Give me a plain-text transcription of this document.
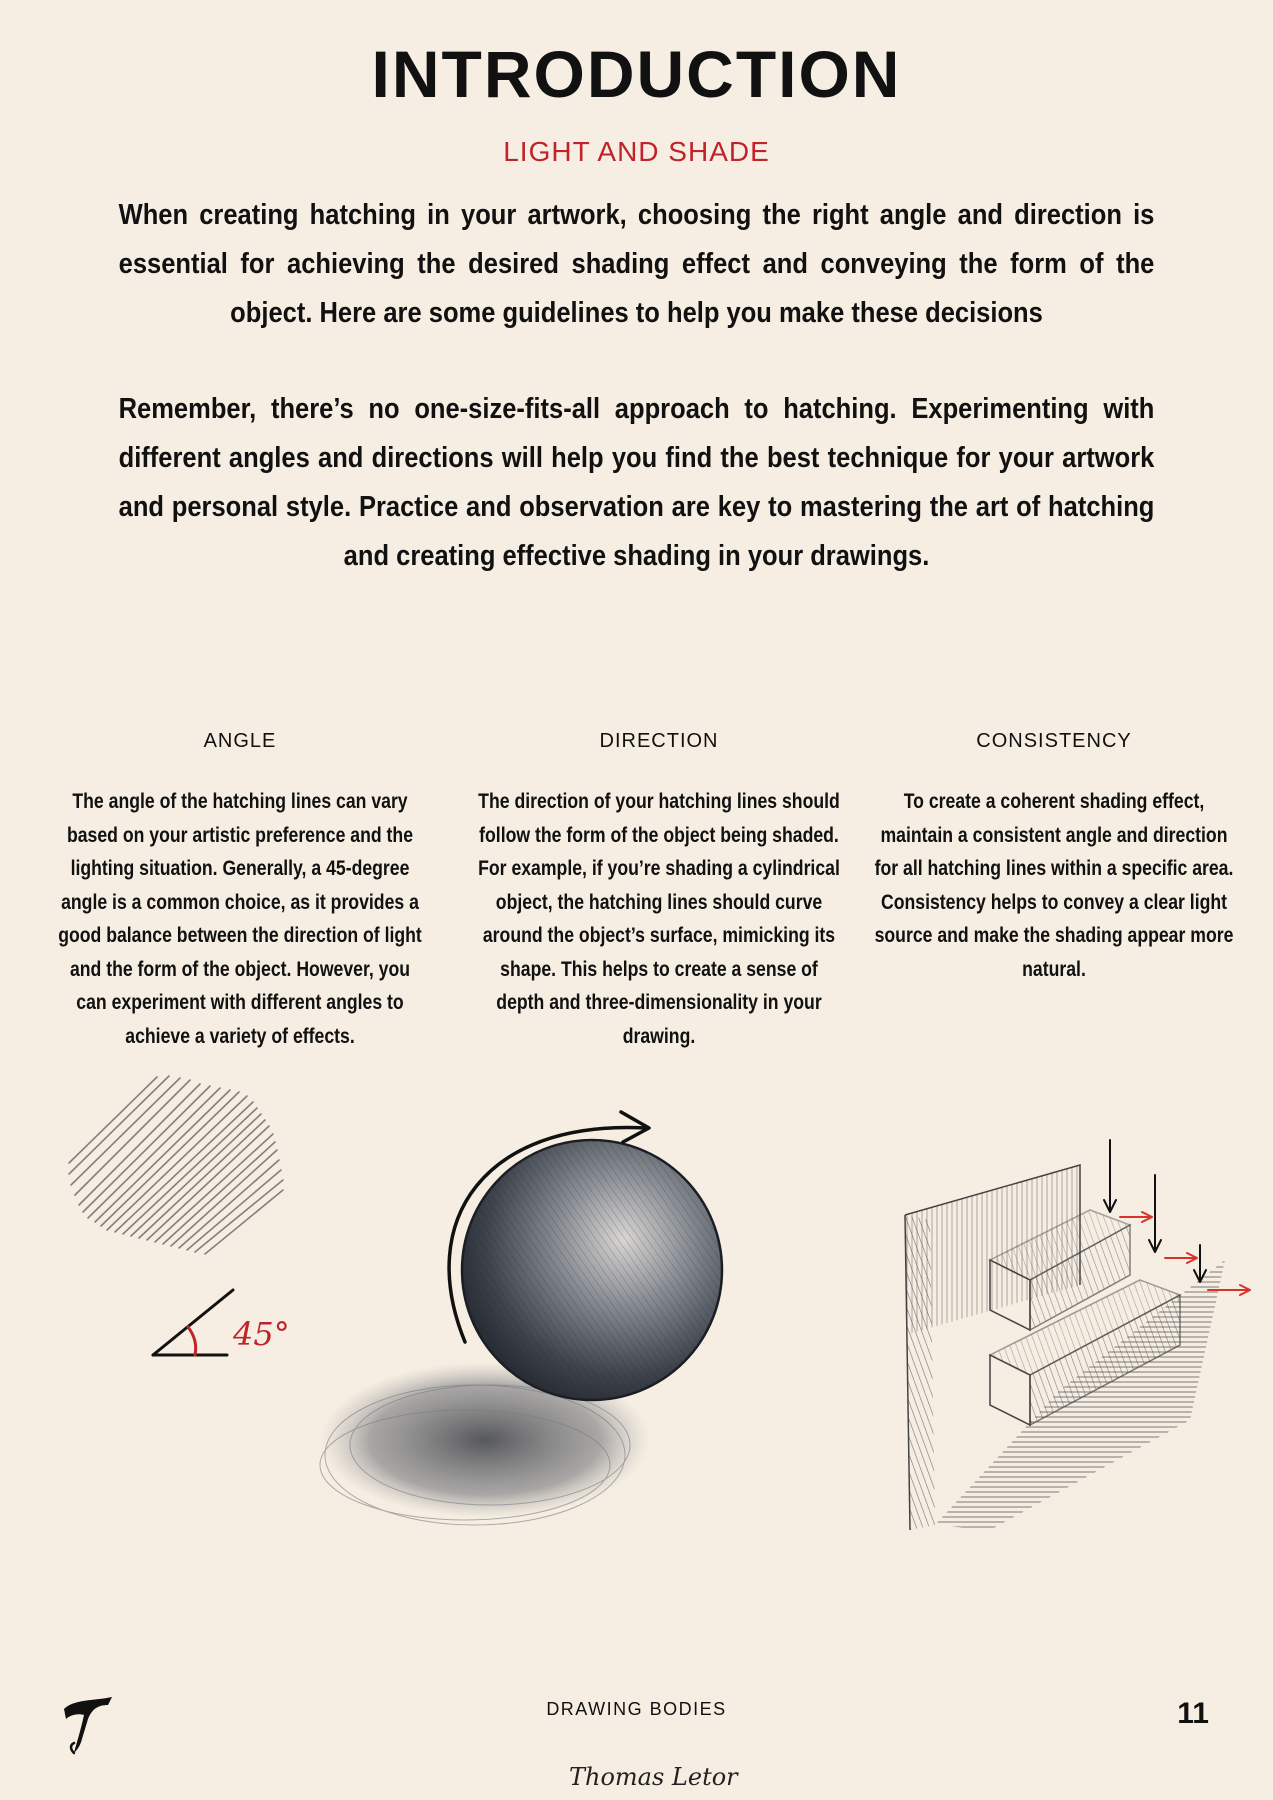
INTRODUCTION
LIGHT AND SHADE

When creating hatching in your artwork, choosing the right angle and direction is essential for achieving the desired shading effect and conveying the form of the object. Here are some guidelines to help you make these decisions

Remember, there’s no one-size-fits-all approach to hatching. Experimenting with different angles and directions will help you find the best technique for your artwork and personal style. Practice and observation are key to mastering the art of hatching and creating effective shading in your drawings.

ANGLE

The angle of the hatching lines can vary based on your artistic preference and the lighting situation. Generally, a 45-degree angle is a common choice, as it provides a good balance between the direction of light and the form of the object. However, you can experiment with different angles to achieve a variety of effects.

DIRECTION

The direction of your hatching lines should follow the form of the object being shaded. For example, if you’re shading a cylindrical object, the hatching lines should curve around the object’s surface, mimicking its shape. This helps to create a sense of depth and three-dimensionality in your drawing.

CONSISTENCY

To create a coherent shading effect, maintain a consistent angle and direction for all hatching lines within a specific area. Consistency helps to convey a clear light source and make the shading appear more natural.

45°

DRAWING BODIES	11

Thomas Letor
